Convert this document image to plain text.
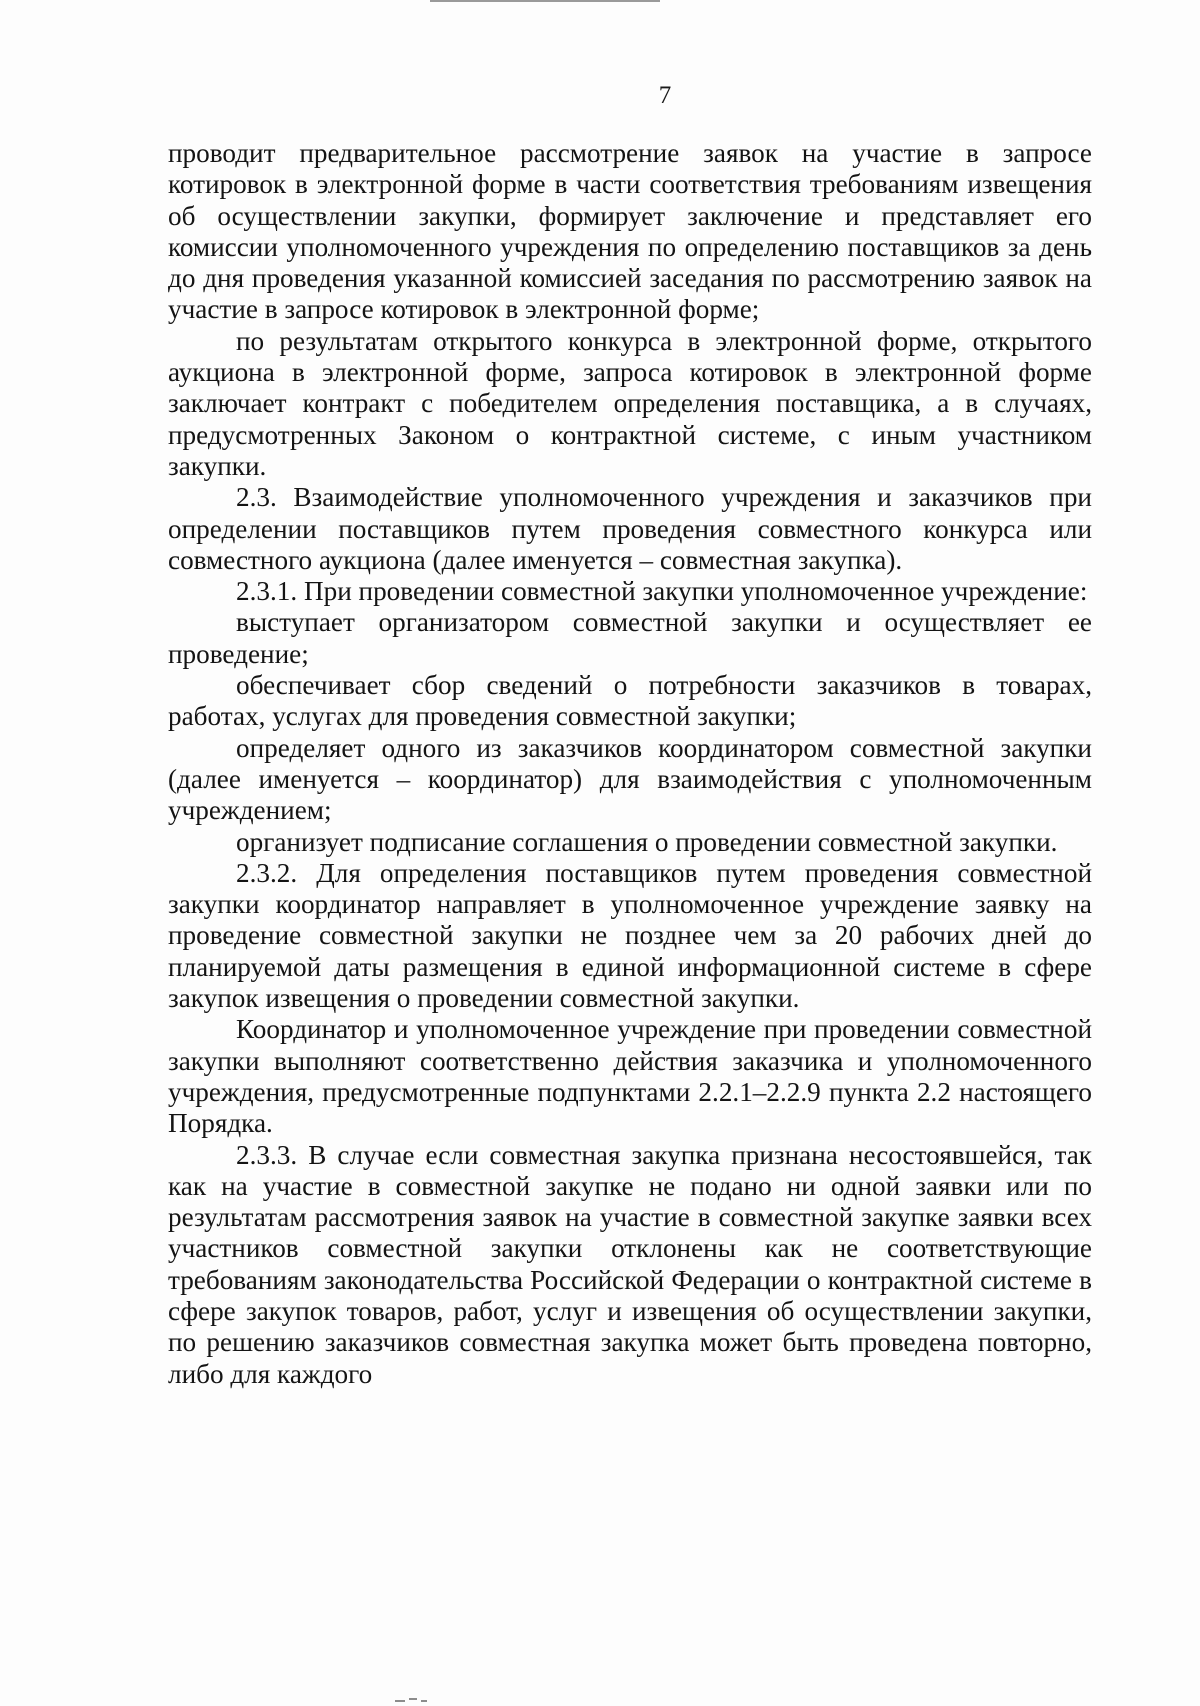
7

проводит предварительное рассмотрение заявок на участие в запросе котировок в электронной форме в части соответствия требованиям извещения об осуществлении закупки, формирует заключение и представляет его комиссии уполномоченного учреждения по определению поставщиков за день до дня проведения указанной комиссией заседания по рассмотрению заявок на участие в запросе котировок в электронной форме;

по результатам открытого конкурса в электронной форме, открытого аукциона в электронной форме, запроса котировок в электронной форме заключает контракт с победителем определения поставщика, а в случаях, предусмотренных Законом о контрактной системе, с иным участником закупки.

2.3. Взаимодействие уполномоченного учреждения и заказчиков при определении поставщиков путем проведения совместного конкурса или совместного аукциона (далее именуется – совместная закупка).

2.3.1. При проведении совместной закупки уполномоченное учреждение:

выступает организатором совместной закупки и осуществляет ее проведение;

обеспечивает сбор сведений о потребности заказчиков в товарах, работах, услугах для проведения совместной закупки;

определяет одного из заказчиков координатором совместной закупки (далее именуется – координатор) для взаимодействия с уполномоченным учреждением;

организует подписание соглашения о проведении совместной закупки.

2.3.2. Для определения поставщиков путем проведения совместной закупки координатор направляет в уполномоченное учреждение заявку на проведение совместной закупки не позднее чем за 20 рабочих дней до планируемой даты размещения в единой информационной системе в сфере закупок извещения о проведении совместной закупки.

Координатор и уполномоченное учреждение при проведении совместной закупки выполняют соответственно действия заказчика и уполномоченного учреждения, предусмотренные подпунктами 2.2.1–2.2.9 пункта 2.2 настоящего Порядка.

2.3.3. В случае если совместная закупка признана несостоявшейся, так как на участие в совместной закупке не подано ни одной заявки или по результатам рассмотрения заявок на участие в совместной закупке заявки всех участников совместной закупки отклонены как не соответствующие требованиям законодательства Российской Федерации о контрактной системе в сфере закупок товаров, работ, услуг и извещения об осуществлении закупки, по решению заказчиков совместная закупка может быть проведена повторно, либо для каждого
